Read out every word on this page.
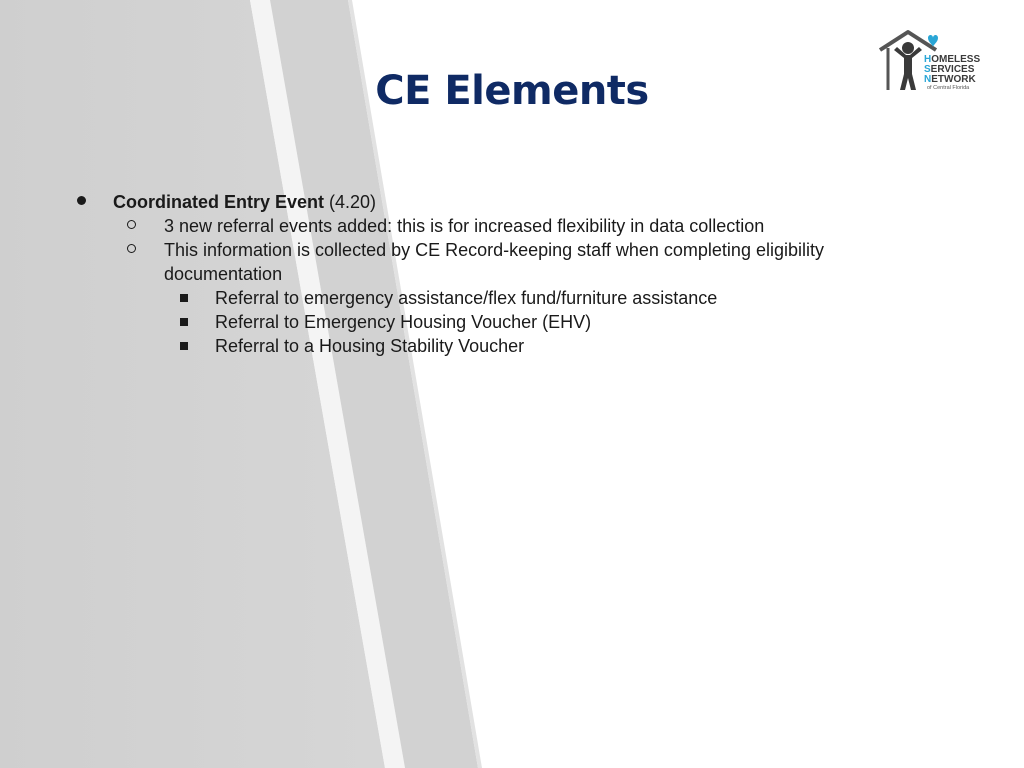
CE Elements
HOMELESS
SERVICES
NETWORK
of Central Florida
Coordinated Entry Event (4.20)
3 new referral events added: this is for increased flexibility in data collection
This information is collected by CE Record-keeping staff when completing eligibility
documentation
Referral to emergency assistance/flex fund/furniture assistance
Referral to Emergency Housing Voucher (EHV)
Referral to a Housing Stability Voucher
